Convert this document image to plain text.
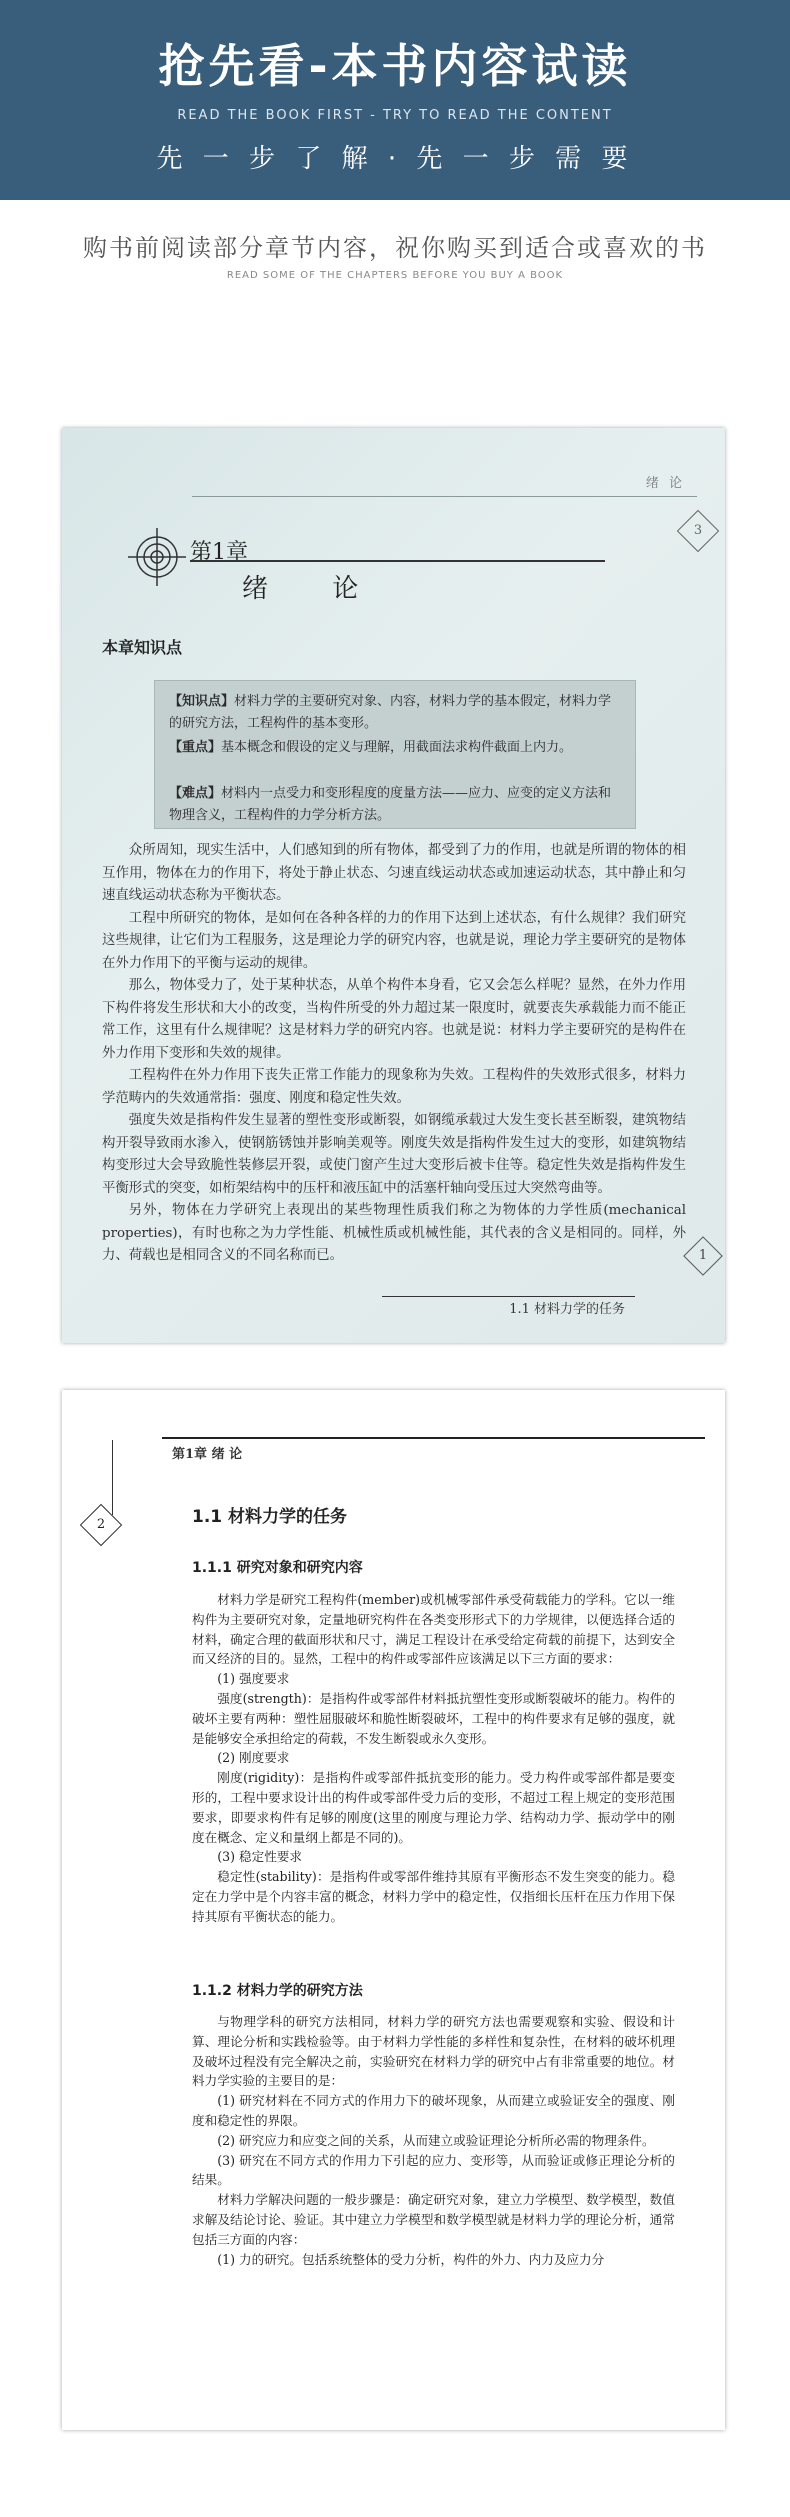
抢先看-本书内容试读
READ THE BOOK FIRST - TRY TO READ THE CONTENT
先 一 步 了 解 · 先 一 步 需 要
购书前阅读部分章节内容，祝你购买到适合或喜欢的书
READ SOME OF THE CHAPTERS BEFORE YOU BUY A BOOK
绪 论
3
第1章
绪 论
本章知识点
【知识点】材料力学的主要研究对象、内容，材料力学的基本假定，材料力学的研究方法，工程构件的基本变形。
【重点】基本概念和假设的定义与理解，用截面法求构件截面上内力。
【难点】材料内一点受力和变形程度的度量方法——应力、应变的定义方法和物理含义，工程构件的力学分析方法。

众所周知，现实生活中，人们感知到的所有物体，都受到了力的作用，也就是所谓的物体的相互作用，物体在力的作用下，将处于静止状态、匀速直线运动状态或加速运动状态，其中静止和匀速直线运动状态称为平衡状态。

工程中所研究的物体，是如何在各种各样的力的作用下达到上述状态，有什么规律？我们研究这些规律，让它们为工程服务，这是理论力学的研究内容，也就是说，理论力学主要研究的是物体在外力作用下的平衡与运动的规律。

那么，物体受力了，处于某种状态，从单个构件本身看，它又会怎么样呢？显然，在外力作用下构件将发生形状和大小的改变，当构件所受的外力超过某一限度时，就要丧失承载能力而不能正常工作，这里有什么规律呢？这是材料力学的研究内容。也就是说：材料力学主要研究的是构件在外力作用下变形和失效的规律。

工程构件在外力作用下丧失正常工作能力的现象称为失效。工程构件的失效形式很多，材料力学范畴内的失效通常指：强度、刚度和稳定性失效。

强度失效是指构件发生显著的塑性变形或断裂，如钢缆承载过大发生变长甚至断裂，建筑物结构开裂导致雨水渗入，使钢筋锈蚀并影响美观等。刚度失效是指构件发生过大的变形，如建筑物结构变形过大会导致脆性装修层开裂，或使门窗产生过大变形后被卡住等。稳定性失效是指构件发生平衡形式的突变，如桁架结构中的压杆和液压缸中的活塞杆轴向受压过大突然弯曲等。

另外，物体在力学研究上表现出的某些物理性质我们称之为物体的力学性质(mechanical properties)，有时也称之为力学性能、机械性质或机械性能，其代表的含义是相同的。同样，外力、荷载也是相同含义的不同名称而已。	1
1.1 材料力学的任务
第1章 绪 论
2	1.1 材料力学的任务
1.1.1 研究对象和研究内容

材料力学是研究工程构件(member)或机械零部件承受荷载能力的学科。它以一维构件为主要研究对象，定量地研究构件在各类变形形式下的力学规律，以便选择合适的材料，确定合理的截面形状和尺寸，满足工程设计在承受给定荷载的前提下，达到安全而又经济的目的。显然，工程中的构件或零部件应该满足以下三方面的要求：

(1) 强度要求

强度(strength)：是指构件或零部件材料抵抗塑性变形或断裂破坏的能力。构件的破坏主要有两种：塑性屈服破坏和脆性断裂破坏，工程中的构件要求有足够的强度，就是能够安全承担给定的荷载，不发生断裂或永久变形。

(2) 刚度要求

刚度(rigidity)：是指构件或零部件抵抗变形的能力。受力构件或零部件都是要变形的，工程中要求设计出的构件或零部件受力后的变形，不超过工程上规定的变形范围要求，即要求构件有足够的刚度(这里的刚度与理论力学、结构动力学、振动学中的刚度在概念、定义和量纲上都是不同的)。

(3) 稳定性要求

稳定性(stability)：是指构件或零部件维持其原有平衡形态不发生突变的能力。稳定在力学中是个内容丰富的概念，材料力学中的稳定性，仅指细长压杆在压力作用下保持其原有平衡状态的能力。

1.1.2 材料力学的研究方法

与物理学科的研究方法相同，材料力学的研究方法也需要观察和实验、假设和计算、理论分析和实践检验等。由于材料力学性能的多样性和复杂性，在材料的破坏机理及破坏过程没有完全解决之前，实验研究在材料力学的研究中占有非常重要的地位。材料力学实验的主要目的是：

(1) 研究材料在不同方式的作用力下的破坏现象，从而建立或验证安全的强度、刚度和稳定性的界限。

(2) 研究应力和应变之间的关系，从而建立或验证理论分析所必需的物理条件。

(3) 研究在不同方式的作用力下引起的应力、变形等，从而验证或修正理论分析的结果。

材料力学解决问题的一般步骤是：确定研究对象，建立力学模型、数学模型，数值求解及结论讨论、验证。其中建立力学模型和数学模型就是材料力学的理论分析，通常包括三方面的内容：

(1) 力的研究。包括系统整体的受力分析，构件的外力、内力及应力分
